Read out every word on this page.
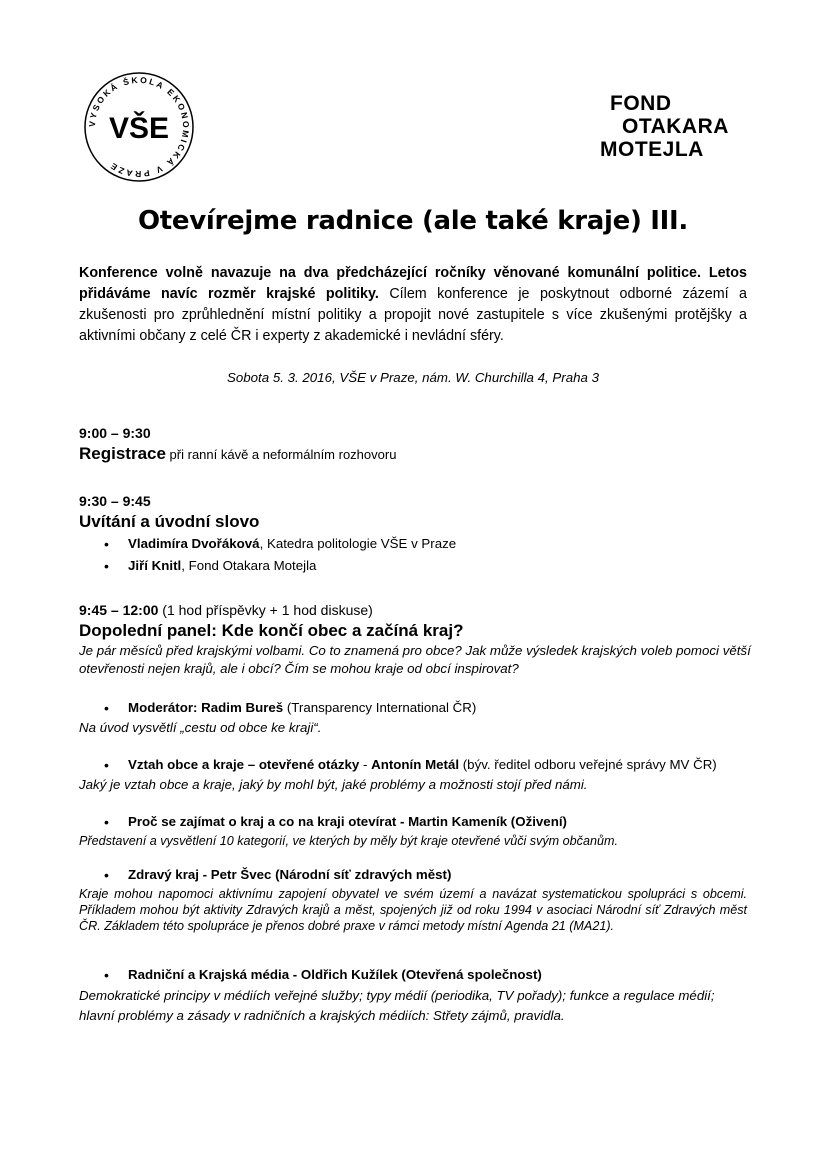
VYSOKÁ ŠKOLA EKONOMICKÁ V PRAZE
VŠE
FOND
OTAKARA
MOTEJLA
Otevírejme radnice (ale také kraje) III.
Konference volně navazuje na dva předcházející ročníky věnované komunální politice. Letos přidáváme navíc rozměr krajské politiky. Cílem konference je poskytnout odborné zázemí a zkušenosti pro zprůhlednění místní politiky a propojit nové zastupitele s více zkušenými protějšky a aktivními občany z celé ČR i experty z akademické i nevládní sféry.
Sobota 5. 3. 2016, VŠE v Praze, nám. W. Churchilla 4, Praha 3
9:00 – 9:30
Registrace při ranní kávě a neformálním rozhovoru
9:30 – 9:45
Uvítání a úvodní slovo
• Vladimíra Dvořáková, Katedra politologie VŠE v Praze
• Jiří Knitl, Fond Otakara Motejla
9:45 – 12:00 (1 hod příspěvky + 1 hod diskuse)
Dopolední panel: Kde končí obec a začíná kraj?
Je pár měsíců před krajskými volbami. Co to znamená pro obce? Jak může výsledek krajských voleb pomoci větší otevřenosti nejen krajů, ale i obcí? Čím se mohou kraje od obcí inspirovat?
• Moderátor: Radim Bureš (Transparency International ČR)
Na úvod vysvětlí „cestu od obce ke kraji“.
• Vztah obce a kraje – otevřené otázky - Antonín Metál (býv. ředitel odboru veřejné správy MV ČR)
Jaký je vztah obce a kraje, jaký by mohl být, jaké problémy a možnosti stojí před námi.
• Proč se zajímat o kraj a co na kraji otevírat - Martin Kameník (Oživení)
Představení a vysvětlení 10 kategorií, ve kterých by měly být kraje otevřené vůči svým občanům.
• Zdravý kraj - Petr Švec (Národní síť zdravých měst)
Kraje mohou napomoci aktivnímu zapojení obyvatel ve svém území a navázat systematickou spolupráci s obcemi. Příkladem mohou být aktivity Zdravých krajů a měst, spojených již od roku 1994 v asociaci Národní síť Zdravých měst ČR. Základem této spolupráce je přenos dobré praxe v rámci metody místní Agenda 21 (MA21).
• Radniční a Krajská média - Oldřich Kužílek (Otevřená společnost)
Demokratické principy v médiích veřejné služby; typy médií (periodika, TV pořady); funkce a regulace médií; hlavní problémy a zásady v radničních a krajských médiích: Střety zájmů, pravidla.
